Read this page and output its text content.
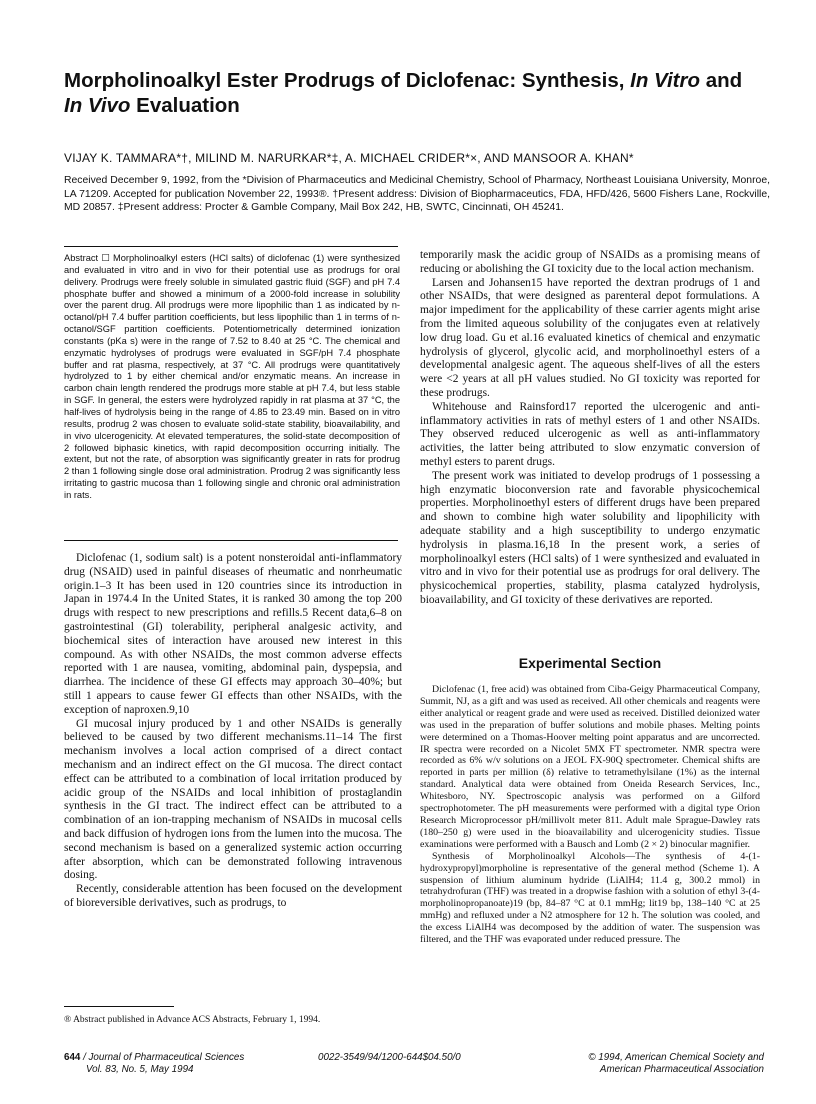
Morpholinoalkyl Ester Prodrugs of Diclofenac: Synthesis, In Vitro and In Vivo Evaluation
VIJAY K. TAMMARA*†, MILIND M. NARURKAR*‡, A. MICHAEL CRIDER*×, AND MANSOOR A. KHAN*
Received December 9, 1992, from the *Division of Pharmaceutics and Medicinal Chemistry, School of Pharmacy, Northeast Louisiana University, Monroe, LA 71209. Accepted for publication November 22, 1993®. †Present address: Division of Biopharmaceutics, FDA, HFD/426, 5600 Fishers Lane, Rockville, MD 20857. ‡Present address: Procter & Gamble Company, Mail Box 242, HB, SWTC, Cincinnati, OH 45241.
Abstract ☐ Morpholinoalkyl esters (HCl salts) of diclofenac (1) were synthesized and evaluated in vitro and in vivo for their potential use as prodrugs for oral delivery. Prodrugs were freely soluble in simulated gastric fluid (SGF) and pH 7.4 phosphate buffer and showed a minimum of a 2000-fold increase in solubility over the parent drug. All prodrugs were more lipophilic than 1 as indicated by n-octanol/pH 7.4 buffer partition coefficients, but less lipophilic than 1 in terms of n-octanol/SGF partition coefficients. Potentiometrically determined ionization constants (pKa s) were in the range of 7.52 to 8.40 at 25 °C. The chemical and enzymatic hydrolyses of prodrugs were evaluated in SGF/pH 7.4 phosphate buffer and rat plasma, respectively, at 37 °C. All prodrugs were quantitatively hydrolyzed to 1 by either chemical and/or enzymatic means. An increase in carbon chain length rendered the prodrugs more stable at pH 7.4, but less stable in SGF. In general, the esters were hydrolyzed rapidly in rat plasma at 37 °C, the half-lives of hydrolysis being in the range of 4.85 to 23.49 min. Based on in vitro results, prodrug 2 was chosen to evaluate solid-state stability, bioavailability, and in vivo ulcerogenicity. At elevated temperatures, the solid-state decomposition of 2 followed biphasic kinetics, with rapid decomposition occurring initially. The extent, but not the rate, of absorption was significantly greater in rats for prodrug 2 than 1 following single dose oral administration. Prodrug 2 was significantly less irritating to gastric mucosa than 1 following single and chronic oral administration in rats.

Diclofenac (1, sodium salt) is a potent nonsteroidal anti-inflammatory drug (NSAID) used in painful diseases of rheumatic and nonrheumatic origin.1–3 It has been used in 120 countries since its introduction in Japan in 1974.4 In the United States, it is ranked 30 among the top 200 drugs with respect to new prescriptions and refills.5 Recent data,6–8 on gastrointestinal (GI) tolerability, peripheral analgesic activity, and biochemical sites of interaction have aroused new interest in this compound. As with other NSAIDs, the most common adverse effects reported with 1 are nausea, vomiting, abdominal pain, dyspepsia, and diarrhea. The incidence of these GI effects may approach 30–40%; but still 1 appears to cause fewer GI effects than other NSAIDs, with the exception of naproxen.9,10

GI mucosal injury produced by 1 and other NSAIDs is generally believed to be caused by two different mechanisms.11–14 The first mechanism involves a local action comprised of a direct contact mechanism and an indirect effect on the GI mucosa. The direct contact effect can be attributed to a combination of local irritation produced by acidic group of the NSAIDs and local inhibition of prostaglandin synthesis in the GI tract. The indirect effect can be attributed to a combination of an ion-trapping mechanism of NSAIDs in mucosal cells and back diffusion of hydrogen ions from the lumen into the mucosa. The second mechanism is based on a generalized systemic action occurring after absorption, which can be demonstrated following intravenous dosing.

Recently, considerable attention has been focused on the development of bioreversible derivatives, such as prodrugs, to

® Abstract published in Advance ACS Abstracts, February 1, 1994.

temporarily mask the acidic group of NSAIDs as a promising means of reducing or abolishing the GI toxicity due to the local action mechanism.

Larsen and Johansen15 have reported the dextran prodrugs of 1 and other NSAIDs, that were designed as parenteral depot formulations. A major impediment for the applicability of these carrier agents might arise from the limited aqueous solubility of the conjugates even at relatively low drug load. Gu et al.16 evaluated kinetics of chemical and enzymatic hydrolysis of glycerol, glycolic acid, and morpholinoethyl esters of a developmental analgesic agent. The aqueous shelf-lives of all the esters were <2 years at all pH values studied. No GI toxicity was reported for these prodrugs.

Whitehouse and Rainsford17 reported the ulcerogenic and anti-inflammatory activities in rats of methyl esters of 1 and other NSAIDs. They observed reduced ulcerogenic as well as anti-inflammatory activities, the latter being attributed to slow enzymatic conversion of methyl esters to parent drugs.

The present work was initiated to develop prodrugs of 1 possessing a high enzymatic bioconversion rate and favorable physicochemical properties. Morpholinoethyl esters of different drugs have been prepared and shown to combine high water solubility and lipophilicity with adequate stability and a high susceptibility to undergo enzymatic hydrolysis in plasma.16,18 In the present work, a series of morpholinoalkyl esters (HCl salts) of 1 were synthesized and evaluated in vitro and in vivo for their potential use as prodrugs for oral delivery. The physicochemical properties, stability, plasma catalyzed hydrolysis, bioavailability, and GI toxicity of these derivatives are reported.

Experimental Section

Diclofenac (1, free acid) was obtained from Ciba-Geigy Pharmaceutical Company, Summit, NJ, as a gift and was used as received. All other chemicals and reagents were either analytical or reagent grade and were used as received. Distilled deionized water was used in the preparation of buffer solutions and mobile phases. Melting points were determined on a Thomas-Hoover melting point apparatus and are uncorrected. IR spectra were recorded on a Nicolet 5MX FT spectrometer. NMR spectra were recorded as 6% w/v solutions on a JEOL FX-90Q spectrometer. Chemical shifts are reported in parts per million (δ) relative to tetramethylsilane (1%) as the internal standard. Analytical data were obtained from Oneida Research Services, Inc., Whitesboro, NY. Spectroscopic analysis was performed on a Gilford spectrophotometer. The pH measurements were performed with a digital type Orion Research Microprocessor pH/millivolt meter 811. Adult male Sprague-Dawley rats (180–250 g) were used in the bioavailability and ulcerogenicity studies. Tissue examinations were performed with a Bausch and Lomb (2 × 2) binocular magnifier.

Synthesis of Morpholinoalkyl Alcohols—The synthesis of 4-(1-hydroxypropyl)morpholine is representative of the general method (Scheme 1). A suspension of lithium aluminum hydride (LiAlH4; 11.4 g, 300.2 mmol) in tetrahydrofuran (THF) was treated in a dropwise fashion with a solution of ethyl 3-(4-morpholinopropanoate)19 (bp, 84–87 °C at 0.1 mmHg; lit19 bp, 138–140 °C at 25 mmHg) and refluxed under a N2 atmosphere for 12 h. The solution was cooled, and the excess LiAlH4 was decomposed by the addition of water. The suspension was filtered, and the THF was evaporated under reduced pressure. The

644 / Journal of Pharmaceutical Sciences
Vol. 83, No. 5, May 1994
0022-3549/94/1200-644$04.50/0	© 1994, American Chemical Society and
American Pharmaceutical Association
